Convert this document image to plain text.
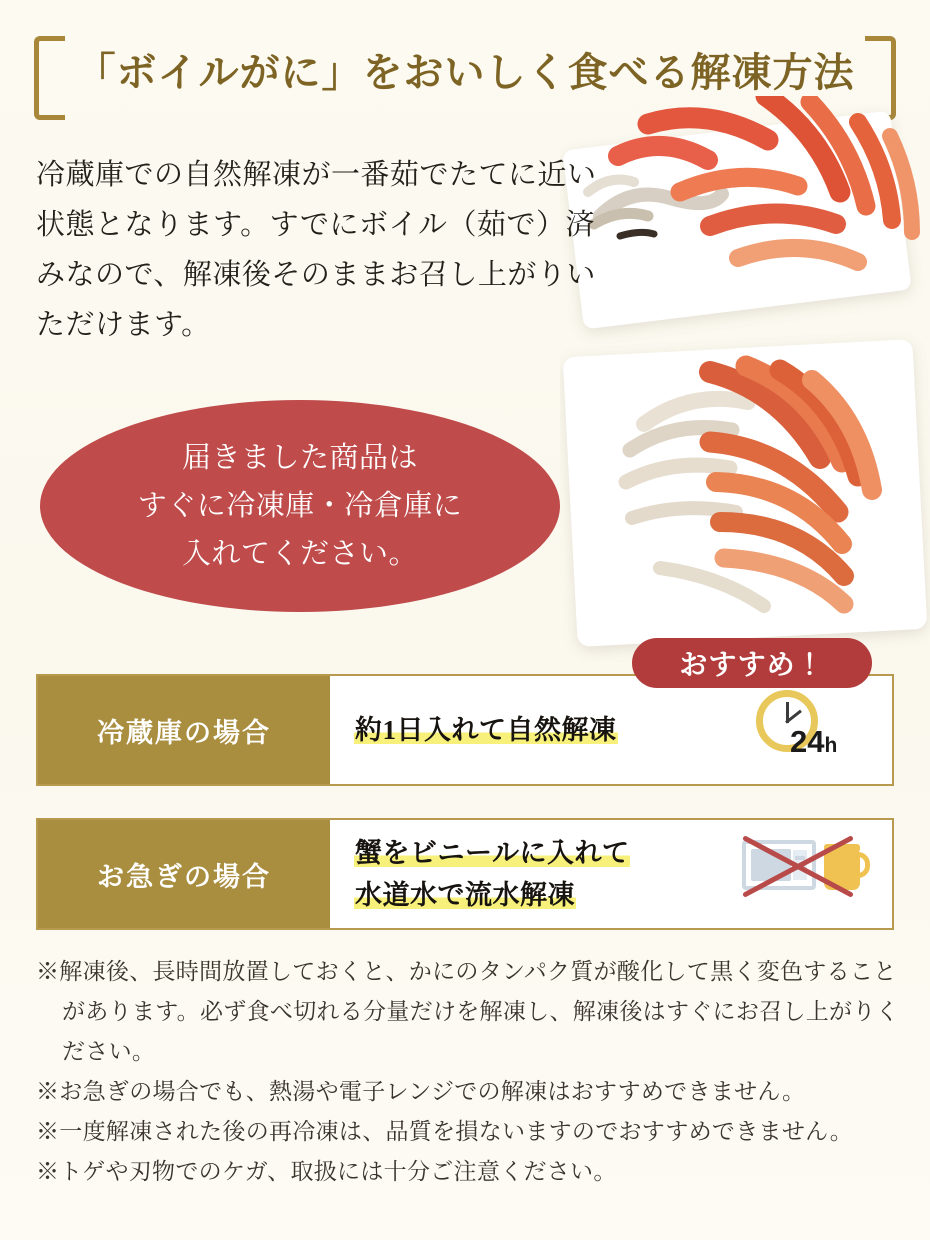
「ボイルがに」をおいしく食べる解凍方法
冷蔵庫での自然解凍が一番茹でたてに近い状態となります。すでにボイル（茹で）済みなので、解凍後そのままお召し上がりいただけます。
届きました商品は
すぐに冷凍庫・冷倉庫に
入れてください。
おすすめ！
冷蔵庫の場合	約1日入れて自然解凍	24h
お急ぎの場合
蟹をビニールに入れて
水道水で流水解凍
※解凍後、長時間放置しておくと、かにのタンパク質が酸化して黒く変色することがあります。必ず食べ切れる分量だけを解凍し、解凍後はすぐにお召し上がりください。
※お急ぎの場合でも、熱湯や電子レンジでの解凍はおすすめできません。
※一度解凍された後の再冷凍は、品質を損ないますのでおすすめできません。
※トゲや刃物でのケガ、取扱には十分ご注意ください。
